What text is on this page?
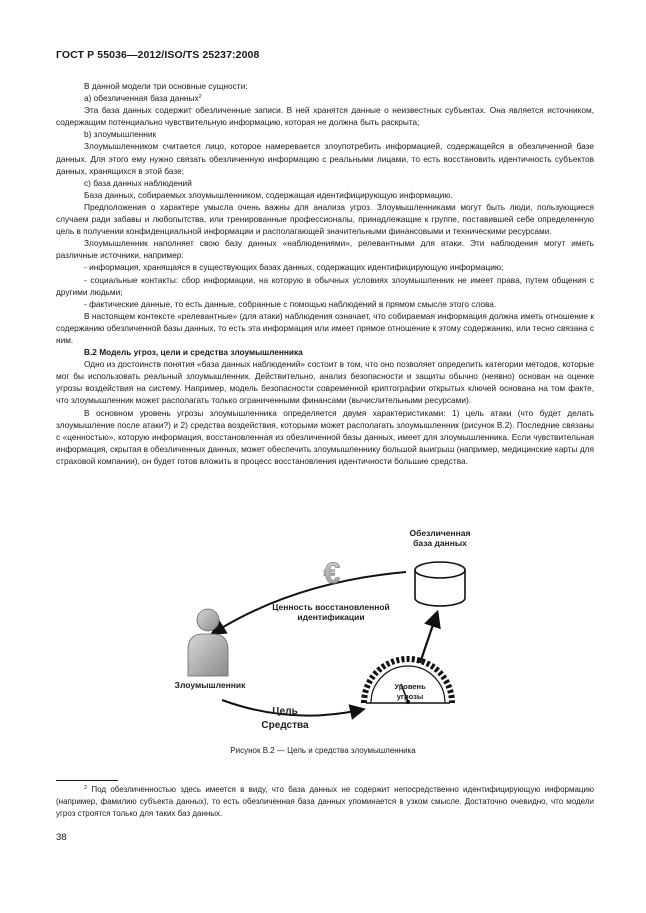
ГОСТ Р 55036—2012/ISO/TS 25237:2008

В данной модели три основные сущности:

а) обезличенная база данных$^2$

Эта база данных содержит обезличенные записи. В ней хранятся данные о неизвестных субъектах. Она является источником, содержащим потенциально чувствительную информацию, которая не должна быть раскрыта;

b) злоумышленник

Злоумышленником считается лицо, которое намеревается злоупотребить информацией, содержащейся в обезличенной базе данных. Для этого ему нужно связать обезличенную информацию с реальными лицами, то есть восстановить идентичность субъектов данных, хранящихся в этой базе;

с) база данных наблюдений

База данных, собираемых злоумышленником, содержащая идентифицирующую информацию.

Предположения о характере умысла очень важны для анализа угроз. Злоумышленниками могут быть люди, пользующиеся случаем ради забавы и любопытства, или тренированные профессионалы, принадлежащие к группе, поставившей себе определенную цель в получении конфиденциальной информации и располагающей значительными финансовыми и техническими ресурсами.

Злоумышленник наполняет свою базу данных «наблюдениями», релевантными для атаки. Эти наблюдения могут иметь различные источники, например:

- информация, хранящаяся в существующих базах данных, содержащих идентифицирующую информацию;

- социальные контакты: сбор информации, на которую в обычных условиях злоумышленник не имеет права, путем общения с другими людьми;

- фактические данные, то есть данные, собранные с помощью наблюдений в прямом смысле этого слова.

В настоящем контексте «релевантные» (для атаки) наблюдения означает, что собираемая информация должна иметь отношение к содержанию обезличенной базы данных, то есть эта информация или имеет прямое отношение к этому содержанию, или тесно связана с ним.

В.2 Модель угроз, цели и средства злоумышленника

Одно из достоинств понятия «база данных наблюдений» состоит в том, что оно позволяет определить категории методов, которые мог бы использовать реальный злоумышленник. Действительно, анализ безопасности и защиты обычно (неявно) основан на оценке угрозы воздействия на систему. Например, модель безопасности современной криптографии открытых ключей основана на том факте, что злоумышленник может располагать только ограниченными финансами (вычислительными ресурсами).

В основном уровень угрозы злоумышленника определяется двумя характеристиками: 1) цель атаки (что будет делать злоумышление после атаки?) и 2) средства воздействия, которыми может располагать злоумышленник (рисунок В.2). Последние связаны с «ценностью», которую информация, восстановленная из обезличенной базы данных, имеет для злоумышленника. Если чувствительная информация, скрытая в обезличенных данных, может обеспечить злоумышленнику большой выигрыш (например, медицинские карты для страховой компании), он будет готов вложить в процесс восстановления идентичности большие средства.

Обезличенная
база данных
€
Ценность восстановленной
идентификации
Злоумышленник
Цель
Средства
Уровень
угрозы
Рисунок В.2 — Цель и средства злоумышленника

$^2$ Под обезличенностью здесь имеется в виду, что база данных не содержит непосредственно идентифицирующую информацию (например, фамилию субъекта данных), то есть обезличенная база данных упоминается в узком смысле. Достаточно очевидно, что модели угроз строятся только для таких баз данных.

38
